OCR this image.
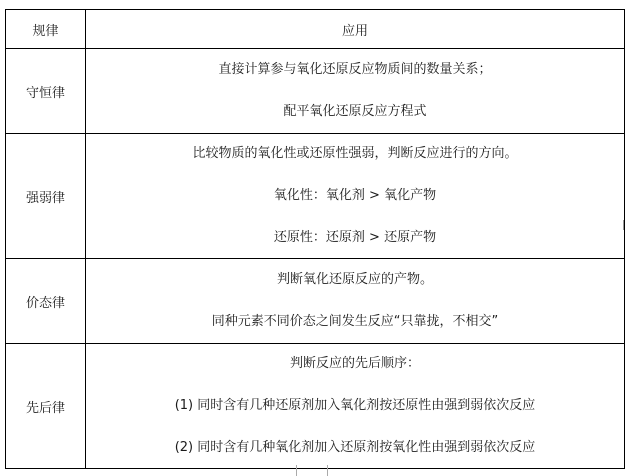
规律	应用
守恒律	直接计算参与氧化还原反应物质间的数量关系；
配平氧化还原反应方程式

强弱律	比较物质的氧化性或还原性强弱，判断反应进行的方向。
氧化性：氧化剂 > 氧化产物
还原性：还原剂 > 还原产物

价态律	判断氧化还原反应的产物。
同种元素不同价态之间发生反应“只靠拢，不相交”

先后律	判断反应的先后顺序：
(1) 同时含有几种还原剂加入氧化剂按还原性由强到弱依次反应
(2) 同时含有几种氧化剂加入还原剂按氧化性由强到弱依次反应
